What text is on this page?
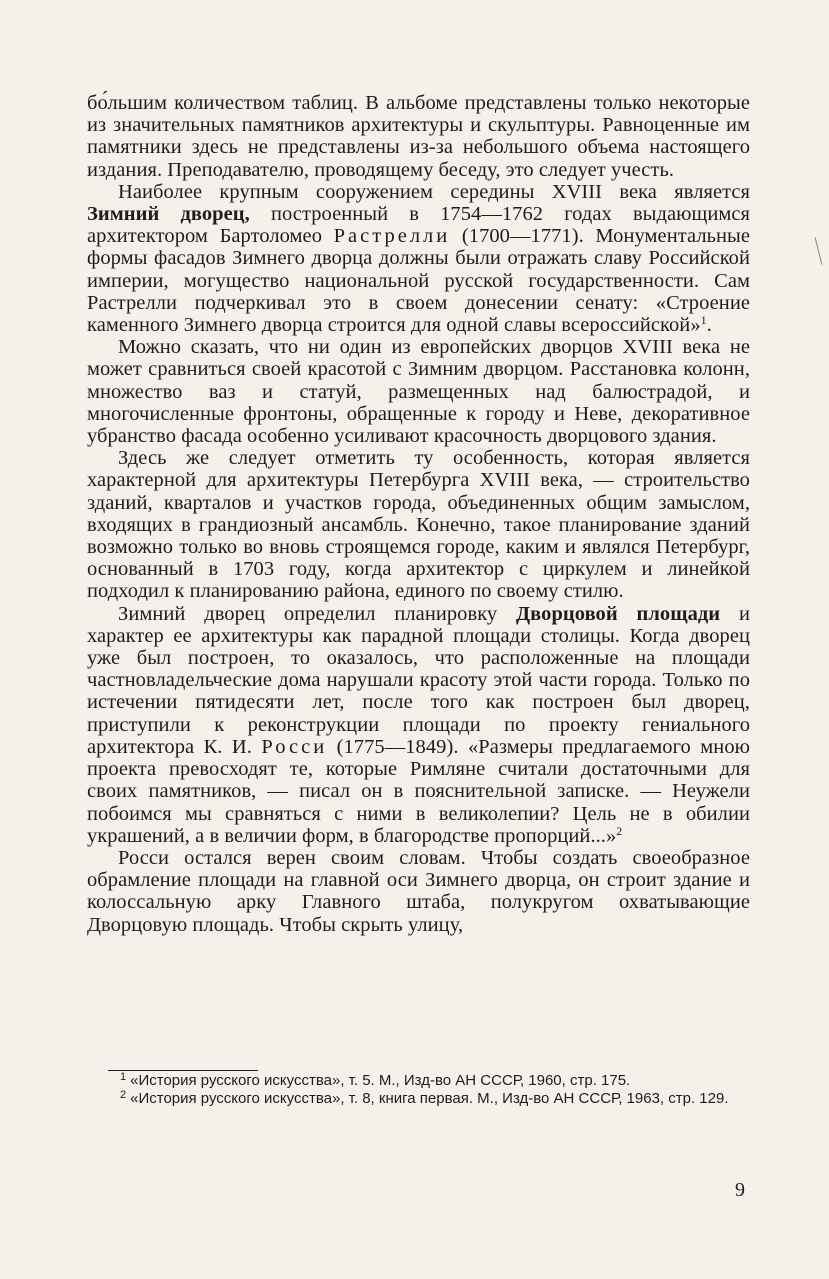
бо́льшим количеством таблиц. В альбоме представлены только некоторые из значительных памятников архитектуры и скульптуры. Равноценные им памятники здесь не представлены из-за небольшого объема настоящего издания. Преподавателю, проводящему беседу, это следует учесть.

Наиболее крупным сооружением середины XVIII века является Зимний дворец, построенный в 1754—1762 годах выдающимся архитектором Бартоломео Растрелли (1700—1771). Монументальные формы фасадов Зимнего дворца должны были отражать славу Российской империи, могущество национальной русской государственности. Сам Растрелли подчеркивал это в своем донесении сенату: «Строение каменного Зимнего дворца строится для одной славы всероссийской»$^1$.

Можно сказать, что ни один из европейских дворцов XVIII века не может сравниться своей красотой с Зимним дворцом. Расстановка колонн, множество ваз и статуй, размещенных над балюстрадой, и многочисленные фронтоны, обращенные к городу и Неве, декоративное убранство фасада особенно усиливают красочность дворцового здания.

Здесь же следует отметить ту особенность, которая является характерной для архитектуры Петербурга XVIII века, — строительство зданий, кварталов и участков города, объединенных общим замыслом, входящих в грандиозный ансамбль. Конечно, такое планирование зданий возможно только во вновь строящемся городе, каким и являлся Петербург, основанный в 1703 году, когда архитектор с циркулем и линейкой подходил к планированию района, единого по своему стилю.

Зимний дворец определил планировку Дворцовой площади и характер ее архитектуры как парадной площади столицы. Когда дворец уже был построен, то оказалось, что расположенные на площади частновладельческие дома нарушали красоту этой части города. Только по истечении пятидесяти лет, после того как построен был дворец, приступили к реконструкции площади по проекту гениального архитектора К. И. Росси (1775—1849). «Размеры предлагаемого мною проекта превосходят те, которые Римляне считали достаточными для своих памятников, — писал он в пояснительной записке. — Неужели побоимся мы сравняться с ними в великолепии? Цель не в обилии украшений, а в величии форм, в благородстве пропорций...»$^2$

Росси остался верен своим словам. Чтобы создать своеобразное обрамление площади на главной оси Зимнего дворца, он строит здание и колоссальную арку Главного штаба, полукругом охватывающие Дворцовую площадь. Чтобы скрыть улицу,

$^1$ «История русского искусства», т. 5. М., Изд-во АН СССР, 1960, стр. 175.

$^2$ «История русского искусства», т. 8, книга первая. М., Изд-во АН СССР, 1963, стр. 129.

9
